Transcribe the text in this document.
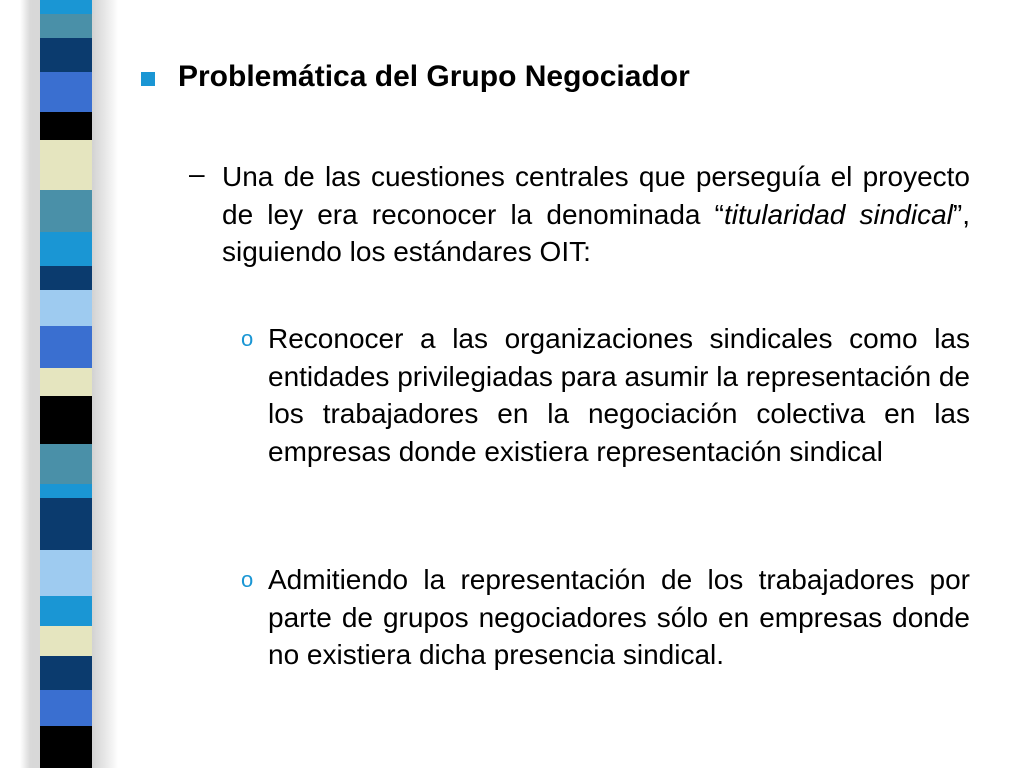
Problemática del Grupo Negociador
– Una de las cuestiones centrales que perseguía el proyecto de ley era reconocer la denominada “titularidad sindical”, siguiendo los estándares OIT:
o Reconocer a las organizaciones sindicales como las entidades privilegiadas para asumir la representación de los trabajadores en la negociación colectiva en las empresas donde existiera representación sindical
o Admitiendo la representación de los trabajadores por parte de grupos negociadores sólo en empresas donde no existiera dicha presencia sindical.
